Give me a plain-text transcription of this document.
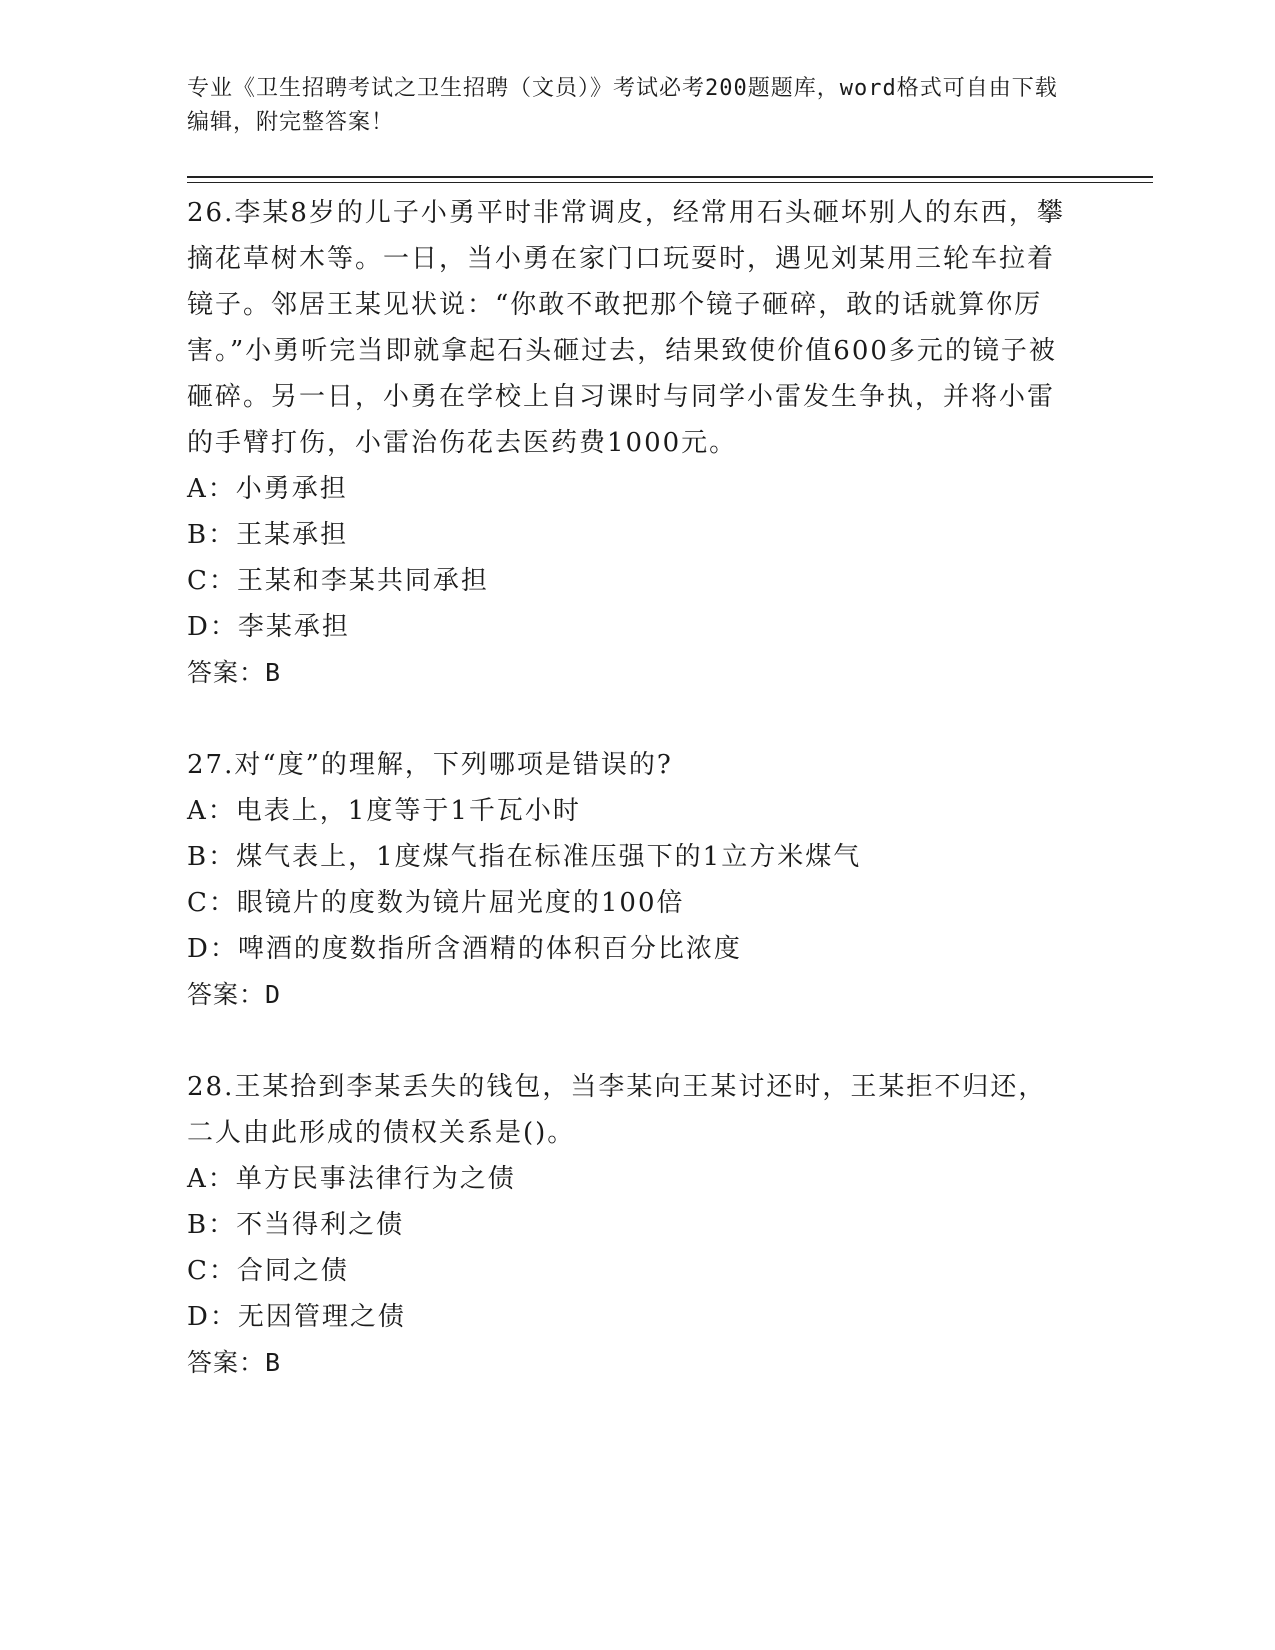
专业《卫生招聘考试之卫生招聘（文员）》考试必考200题题库，word格式可自由下载编辑，附完整答案！
26.李某8岁的儿子小勇平时非常调皮，经常用石头砸坏别人的东西，攀摘花草树木等。一日，当小勇在家门口玩耍时，遇见刘某用三轮车拉着镜子。邻居王某见状说：“你敢不敢把那个镜子砸碎，敢的话就算你厉害。”小勇听完当即就拿起石头砸过去，结果致使价值600多元的镜子被砸碎。另一日，小勇在学校上自习课时与同学小雷发生争执，并将小雷的手臂打伤，小雷治伤花去医药费1000元。
A：小勇承担
B：王某承担
C：王某和李某共同承担
D：李某承担
答案：B
27.对“度”的理解，下列哪项是错误的?
A：电表上，1度等于1千瓦小时
B：煤气表上，1度煤气指在标准压强下的1立方米煤气
C：眼镜片的度数为镜片屈光度的100倍
D：啤酒的度数指所含酒精的体积百分比浓度
答案：D
28.王某拾到李某丢失的钱包，当李某向王某讨还时，王某拒不归还，二人由此形成的债权关系是()。
A：单方民事法律行为之债
B：不当得利之债
C：合同之债
D：无因管理之债
答案：B
